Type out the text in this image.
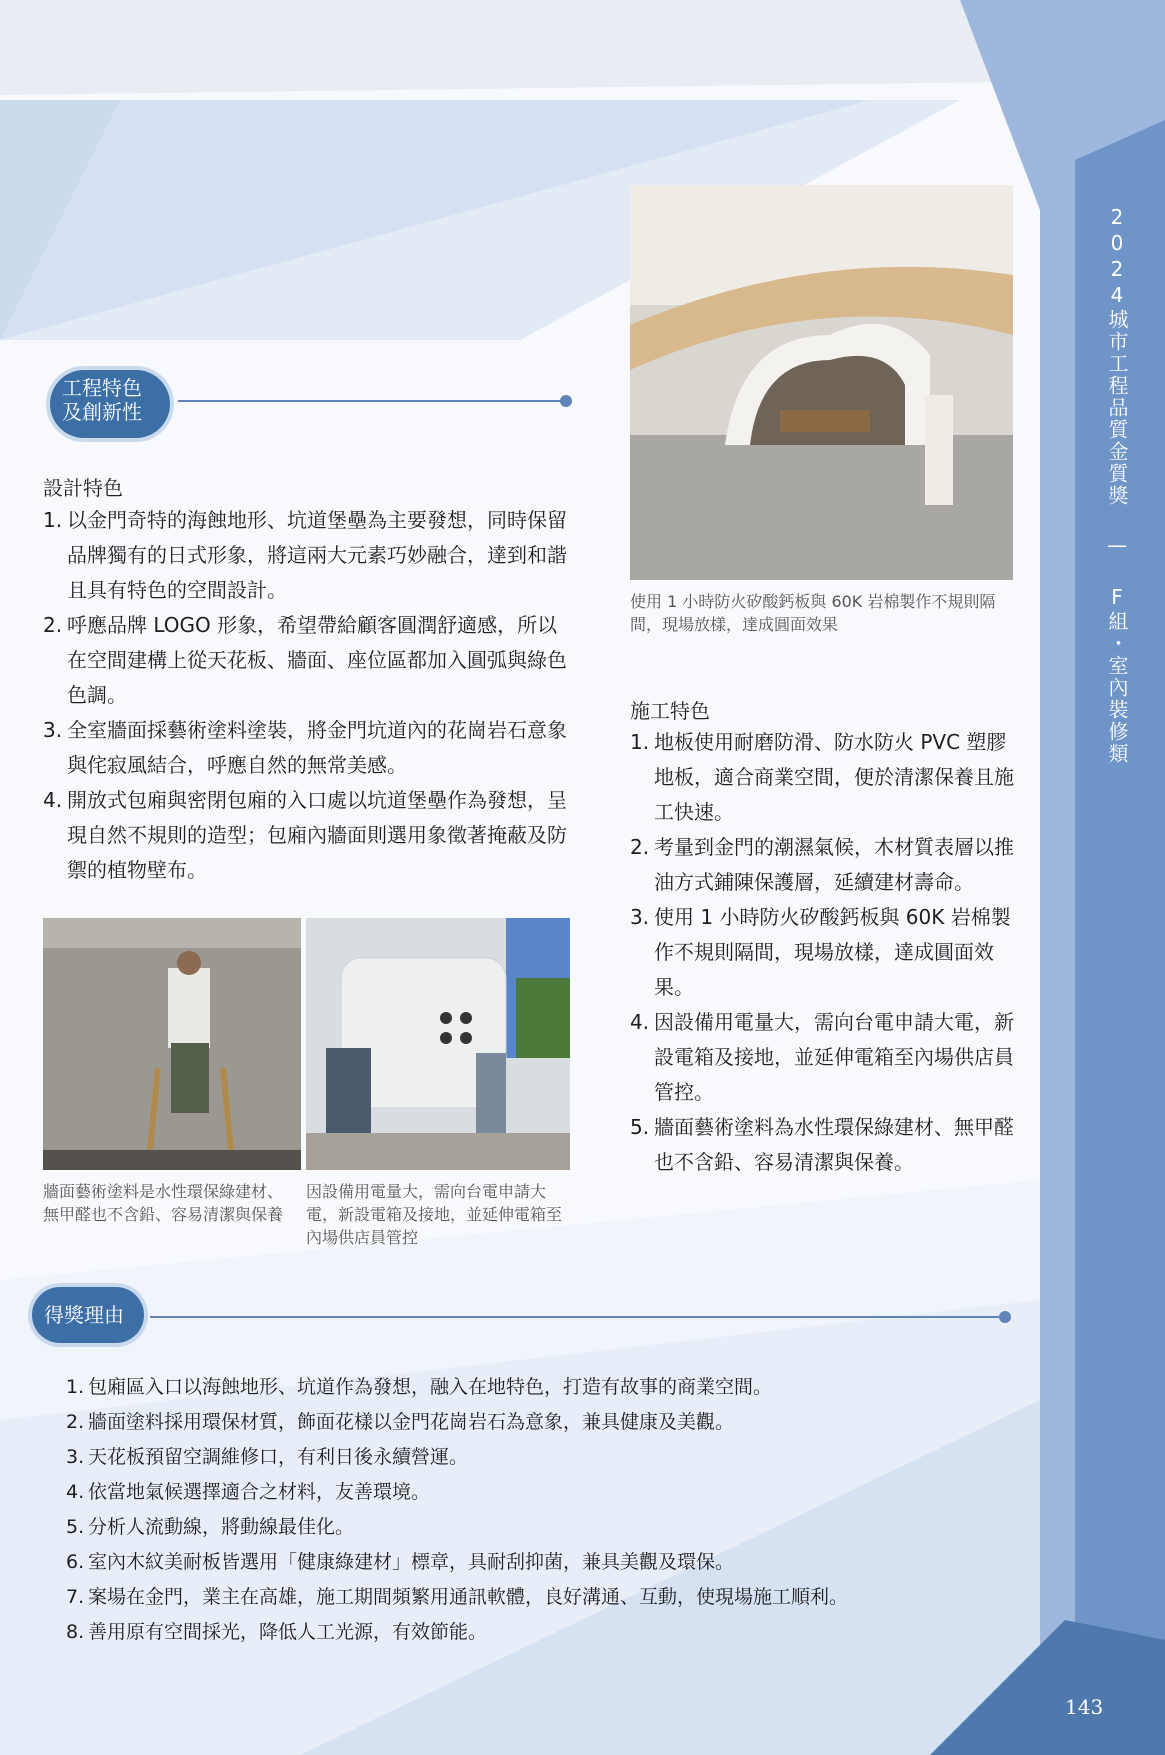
2024城市工程品質金質獎 — F組・室內裝修類
工程特色
及創新性
設計特色
1. 以金門奇特的海蝕地形、坑道堡壘為主要發想，同時保留品牌獨有的日式形象，將這兩大元素巧妙融合，達到和諧且具有特色的空間設計。
2. 呼應品牌 LOGO 形象，希望帶給顧客圓潤舒適感，所以在空間建構上從天花板、牆面、座位區都加入圓弧與綠色色調。
3. 全室牆面採藝術塗料塗裝，將金門坑道內的花崗岩石意象與侘寂風結合，呼應自然的無常美感。
4. 開放式包廂與密閉包廂的入口處以坑道堡壘作為發想，呈現自然不規則的造型；包廂內牆面則選用象徵著掩蔽及防禦的植物壁布。
使用 1 小時防火矽酸鈣板與 60K 岩棉製作不規則隔間，現場放樣，達成圓面效果
施工特色
1. 地板使用耐磨防滑、防水防火 PVC 塑膠地板，適合商業空間，便於清潔保養且施工快速。
2. 考量到金門的潮濕氣候，木材質表層以推油方式鋪陳保護層，延續建材壽命。
3. 使用 1 小時防火矽酸鈣板與 60K 岩棉製作不規則隔間，現場放樣，達成圓面效果。
4. 因設備用電量大，需向台電申請大電，新設電箱及接地，並延伸電箱至內場供店員管控。
5. 牆面藝術塗料為水性環保綠建材、無甲醛也不含鉛、容易清潔與保養。
牆面藝術塗料是水性環保綠建材、無甲醛也不含鉛、容易清潔與保養
因設備用電量大，需向台電申請大電，新設電箱及接地，並延伸電箱至內場供店員管控
得獎理由
1. 包廂區入口以海蝕地形、坑道作為發想，融入在地特色，打造有故事的商業空間。
2. 牆面塗料採用環保材質，飾面花樣以金門花崗岩石為意象，兼具健康及美觀。
3. 天花板預留空調維修口，有利日後永續營運。
4. 依當地氣候選擇適合之材料，友善環境。
5. 分析人流動線，將動線最佳化。
6. 室內木紋美耐板皆選用「健康綠建材」標章，具耐刮抑菌，兼具美觀及環保。
7. 案場在金門，業主在高雄，施工期間頻繁用通訊軟體，良好溝通、互動，使現場施工順利。
8. 善用原有空間採光，降低人工光源，有效節能。
143
